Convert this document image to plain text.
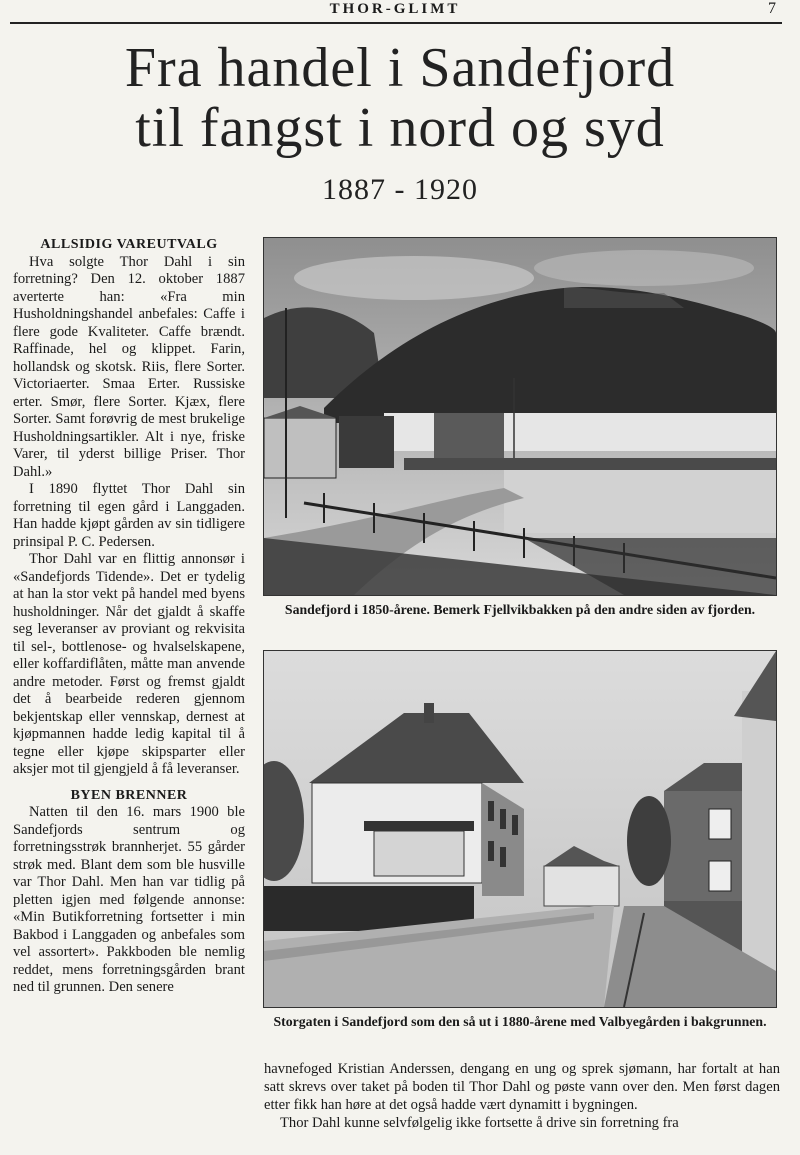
THOR-GLIMT	7
Fra handel i Sandefjord
til fangst i nord og syd
1887 - 1920
ALLSIDIG VAREUTVALG

Hva solgte Thor Dahl i sin forretning? Den 12. oktober 1887 averterte han: «Fra min Husholdningshandel anbefales: Caffe i flere gode Kvaliteter. Caffe brændt. Raffinade, hel og klippet. Farin, hollandsk og skotsk. Riis, flere Sorter. Victoriaerter. Smaa Erter. Russiske erter. Smør, flere Sorter. Kjæx, flere Sorter. Samt forøvrig de mest brukelige Husholdningsartikler. Alt i nye, friske Varer, til yderst billige Priser. Thor Dahl.»

I 1890 flyttet Thor Dahl sin forretning til egen gård i Langgaden. Han hadde kjøpt gården av sin tidligere prinsipal P. C. Pedersen.

Thor Dahl var en flittig annonsør i «Sandefjords Tidende». Det er tydelig at han la stor vekt på handel med byens husholdninger. Når det gjaldt å skaffe seg leveranser av proviant og rekvisita til sel-, bottlenose- og hvalselskapene, eller koffardiflåten, måtte man anvende andre metoder. Først og fremst gjaldt det å bearbeide rederen gjennom bekjentskap eller vennskap, dernest at kjøpmannen hadde ledig kapital til å tegne eller kjøpe skipsparter eller aksjer mot til gjengjeld å få leveranser.

BYEN BRENNER

Natten til den 16. mars 1900 ble Sandefjords sentrum og forretningsstrøk brannherjet. 55 gårder strøk med. Blant dem som ble husville var Thor Dahl. Men han var tidlig på pletten igjen med følgende annonse: «Min Butikforretning fortsetter i min Bakbod i Langgaden og anbefales som vel assortert». Pakkboden ble nemlig reddet, mens forretningsgården brant ned til grunnen. Den senere

Sandefjord i 1850-årene. Bemerk Fjellvikbakken på den andre siden av fjorden.
Storgaten i Sandefjord som den så ut i 1880-årene med Valbyegården i bakgrunnen.

havnefoged Kristian Anderssen, dengang en ung og sprek sjømann, har fortalt at han satt skrevs over taket på boden til Thor Dahl og pøste vann over den. Men først dagen etter fikk han høre at det også hadde vært dynamitt i bygningen.

Thor Dahl kunne selvfølgelig ikke fortsette å drive sin forretning fra
